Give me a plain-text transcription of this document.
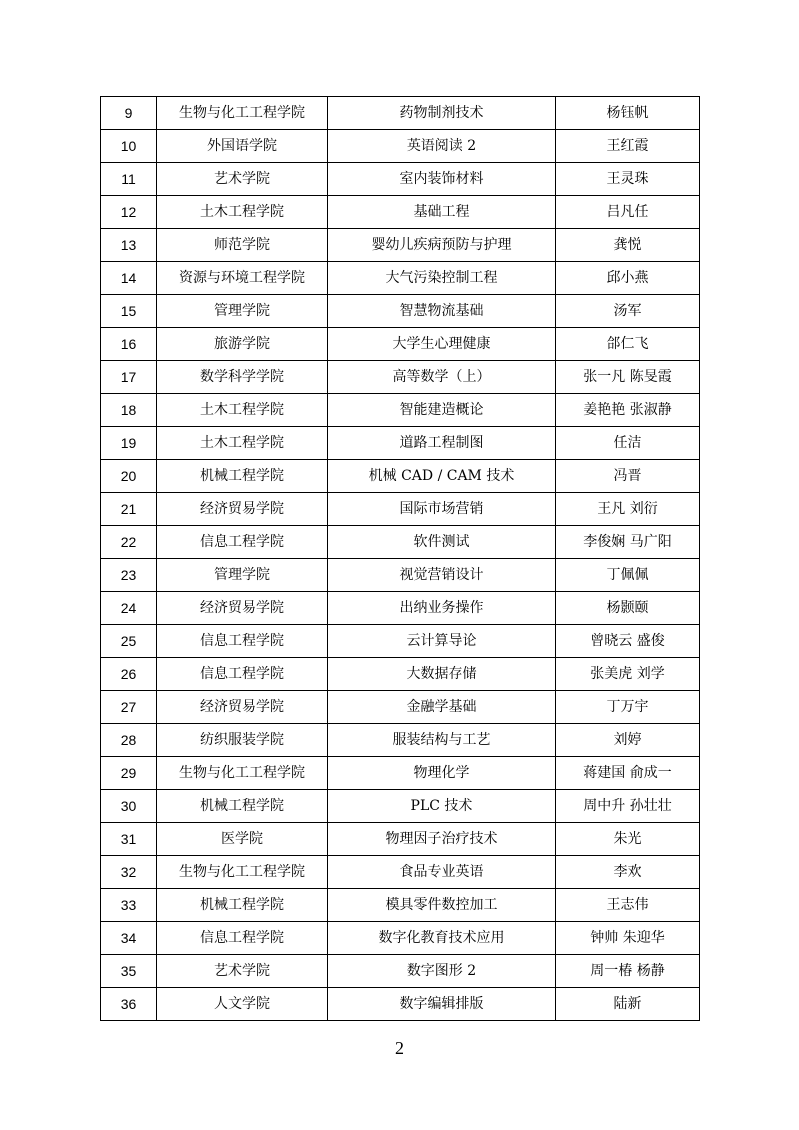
9	生物与化工工程学院	药物制剂技术	杨钰帆
10	外国语学院	英语阅读 2	王红霞
11	艺术学院	室内装饰材料	王灵珠
12	土木工程学院	基础工程	吕凡任
13	师范学院	婴幼儿疾病预防与护理	龚悦
14	资源与环境工程学院	大气污染控制工程	邱小燕
15	管理学院	智慧物流基础	汤军
16	旅游学院	大学生心理健康	郃仁飞
17	数学科学学院	高等数学（上）	张一凡 陈旻霞
18	土木工程学院	智能建造概论	姜艳艳 张淑静
19	土木工程学院	道路工程制图	任洁
20	机械工程学院	机械 CAD / CAM 技术	冯晋
21	经济贸易学院	国际市场营销	王凡 刘衍
22	信息工程学院	软件测试	李俊娴 马广阳
23	管理学院	视觉营销设计	丁佩佩
24	经济贸易学院	出纳业务操作	杨颢颐
25	信息工程学院	云计算导论	曾晓云 盛俊
26	信息工程学院	大数据存储	张美虎 刘学
27	经济贸易学院	金融学基础	丁万宇
28	纺织服装学院	服装结构与工艺	刘婷
29	生物与化工工程学院	物理化学	蒋建国 俞成一
30	机械工程学院	PLC 技术	周中升 孙壮壮
31	医学院	物理因子治疗技术	朱光
32	生物与化工工程学院	食品专业英语	李欢
33	机械工程学院	模具零件数控加工	王志伟
34	信息工程学院	数字化教育技术应用	钟帅 朱迎华
35	艺术学院	数字图形 2	周一椿 杨静
36	人文学院	数字编辑排版	陆新
2
